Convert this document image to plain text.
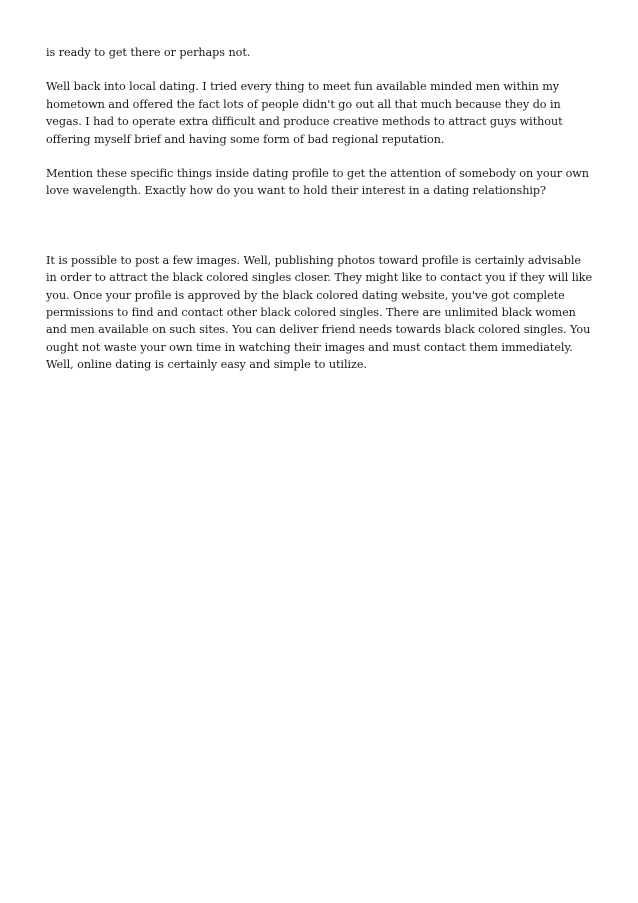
is ready to get there or perhaps not.

Well back into local dating. I tried every thing to meet fun available minded men within my hometown and offered the fact lots of people didn't go out all that much because they do in vegas. I had to operate extra difficult and produce creative methods to attract guys without offering myself brief and having some form of bad regional reputation.

Mention these specific things inside dating profile to get the attention of somebody on your own love wavelength. Exactly how do you want to hold their interest in a dating relationship?

It is possible to post a few images. Well, publishing photos toward profile is certainly advisable in order to attract the black colored singles closer. They might like to contact you if they will like you. Once your profile is approved by the black colored dating website, you've got complete permissions to find and contact other black colored singles. There are unlimited black women and men available on such sites. You can deliver friend needs towards black colored singles. You ought not waste your own time in watching their images and must contact them immediately. Well, online dating is certainly easy and simple to utilize.
